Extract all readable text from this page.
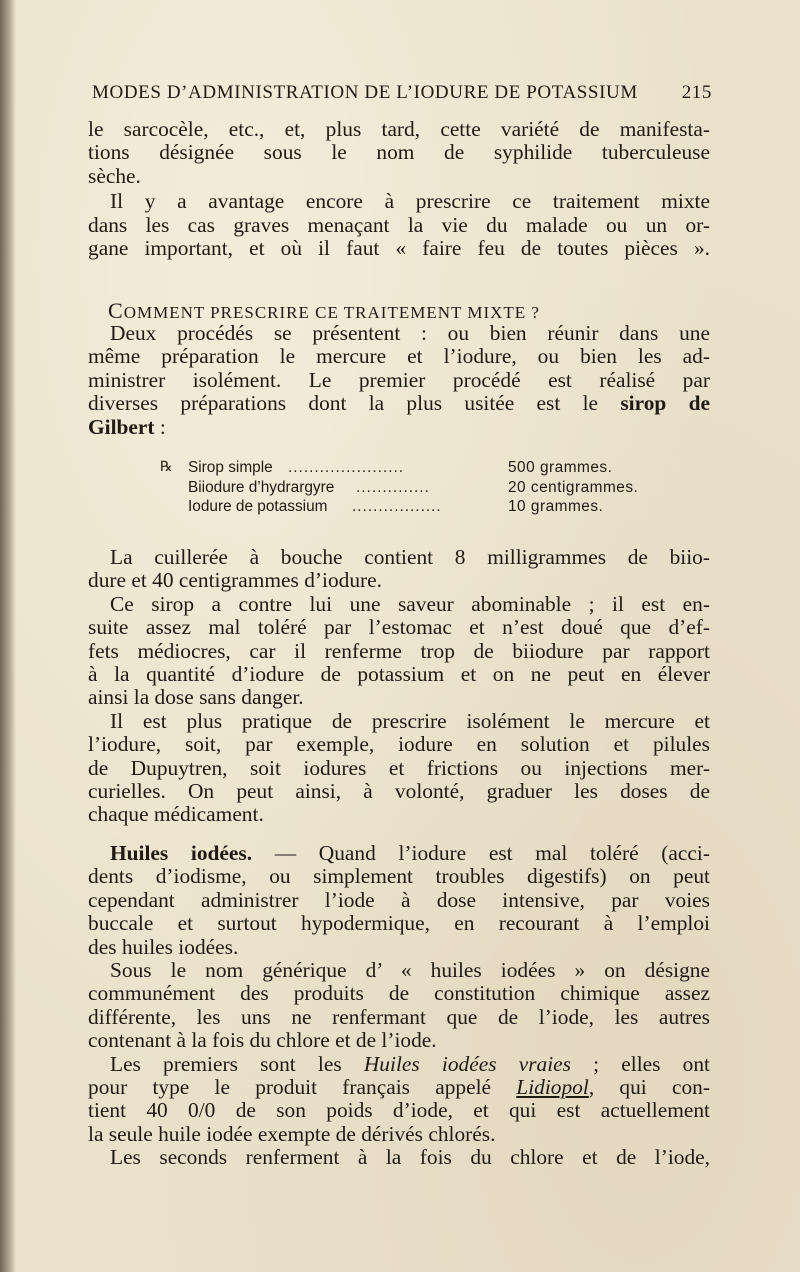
MODES D’ADMINISTRATION DE L’IODURE DE POTASSIUM 215
le sarcocèle, etc., et, plus tard, cette variété de manifesta-
tions désignée sous le nom de syphilide tuberculeuse
sèche.
Il y a avantage encore à prescrire ce traitement mixte
dans les cas graves menaçant la vie du malade ou un or-
gane important, et où il faut « faire feu de toutes pièces ».
COMMENT PRESCRIRE CE TRAITEMENT MIXTE ?
Deux procédés se présentent : ou bien réunir dans une
même préparation le mercure et l’iodure, ou bien les ad-
ministrer isolément. Le premier procédé est réalisé par
diverses préparations dont la plus usitée est le sirop de
Gilbert :
℞ Sirop simple ......................	500 grammes.
Biiodure d’hydrargyre ..............	20 centigrammes.
Iodure de potassium .................	10 grammes.
La cuillerée à bouche contient 8 milligrammes de biio-
dure et 40 centigrammes d’iodure.
Ce sirop a contre lui une saveur abominable ; il est en-
suite assez mal toléré par l’estomac et n’est doué que d’ef-
fets médiocres, car il renferme trop de biiodure par rapport
à la quantité d’iodure de potassium et on ne peut en élever
ainsi la dose sans danger.
Il est plus pratique de prescrire isolément le mercure et
l’iodure, soit, par exemple, iodure en solution et pilules
de Dupuytren, soit iodures et frictions ou injections mer-
curielles. On peut ainsi, à volonté, graduer les doses de
chaque médicament.
Huiles iodées. — Quand l’iodure est mal toléré (acci-
dents d’iodisme, ou simplement troubles digestifs) on peut
cependant administrer l’iode à dose intensive, par voies
buccale et surtout hypodermique, en recourant à l’emploi
des huiles iodées.
Sous le nom générique d’ « huiles iodées » on désigne
communément des produits de constitution chimique assez
différente, les uns ne renfermant que de l’iode, les autres
contenant à la fois du chlore et de l’iode.
Les premiers sont les Huiles iodées vraies ; elles ont
pour type le produit français appelé Lidiopol, qui con-
tient 40 0/0 de son poids d’iode, et qui est actuellement
la seule huile iodée exempte de dérivés chlorés.
Les seconds renferment à la fois du chlore et de l’iode,
